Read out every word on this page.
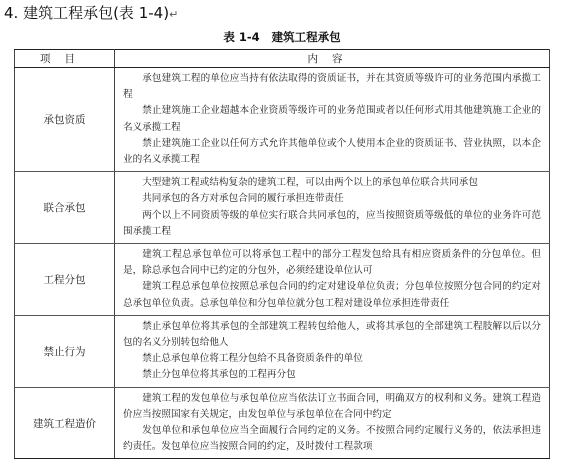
4. 建筑工程承包(表 1-4)↵
表 1-4 建筑工程承包
项目	内容
承包资质	承包建筑工程的单位应当持有依法取得的资质证书，并在其资质等级许可的业务范围内承揽工程

禁止建筑施工企业超越本企业资质等级许可的业务范围或者以任何形式用其他建筑施工企业的名义承揽工程

禁止建筑施工企业以任何方式允许其他单位或个人使用本企业的资质证书、营业执照，以本企业的名义承揽工程

联合承包	大型建筑工程或结构复杂的建筑工程，可以由两个以上的承包单位联合共同承包

共同承包的各方对承包合同的履行承担连带责任

两个以上不同资质等级的单位实行联合共同承包的，应当按照资质等级低的单位的业务许可范围承揽工程

工程分包	建筑工程总承包单位可以将承包工程中的部分工程发包给具有相应资质条件的分包单位。但是，除总承包合同中已约定的分包外，必须经建设单位认可

建筑工程总承包单位按照总承包合同的约定对建设单位负责；分包单位按照分包合同的约定对总承包单位负责。总承包单位和分包单位就分包工程对建设单位承担连带责任

禁止行为	禁止承包单位将其承包的全部建筑工程转包给他人，或将其承包的全部建筑工程肢解以后以分包的名义分别转包给他人

禁止总承包单位将工程分包给不具备资质条件的单位

禁止分包单位将其承包的工程再分包

建筑工程造价	建筑工程的发包单位与承包单位应当依法订立书面合同，明确双方的权利和义务。建筑工程造价应当按照国家有关规定，由发包单位与承包单位在合同中约定

发包单位和承包单位应当全面履行合同约定的义务。不按照合同约定履行义务的，依法承担违约责任。发包单位应当按照合同的约定，及时拨付工程款项
